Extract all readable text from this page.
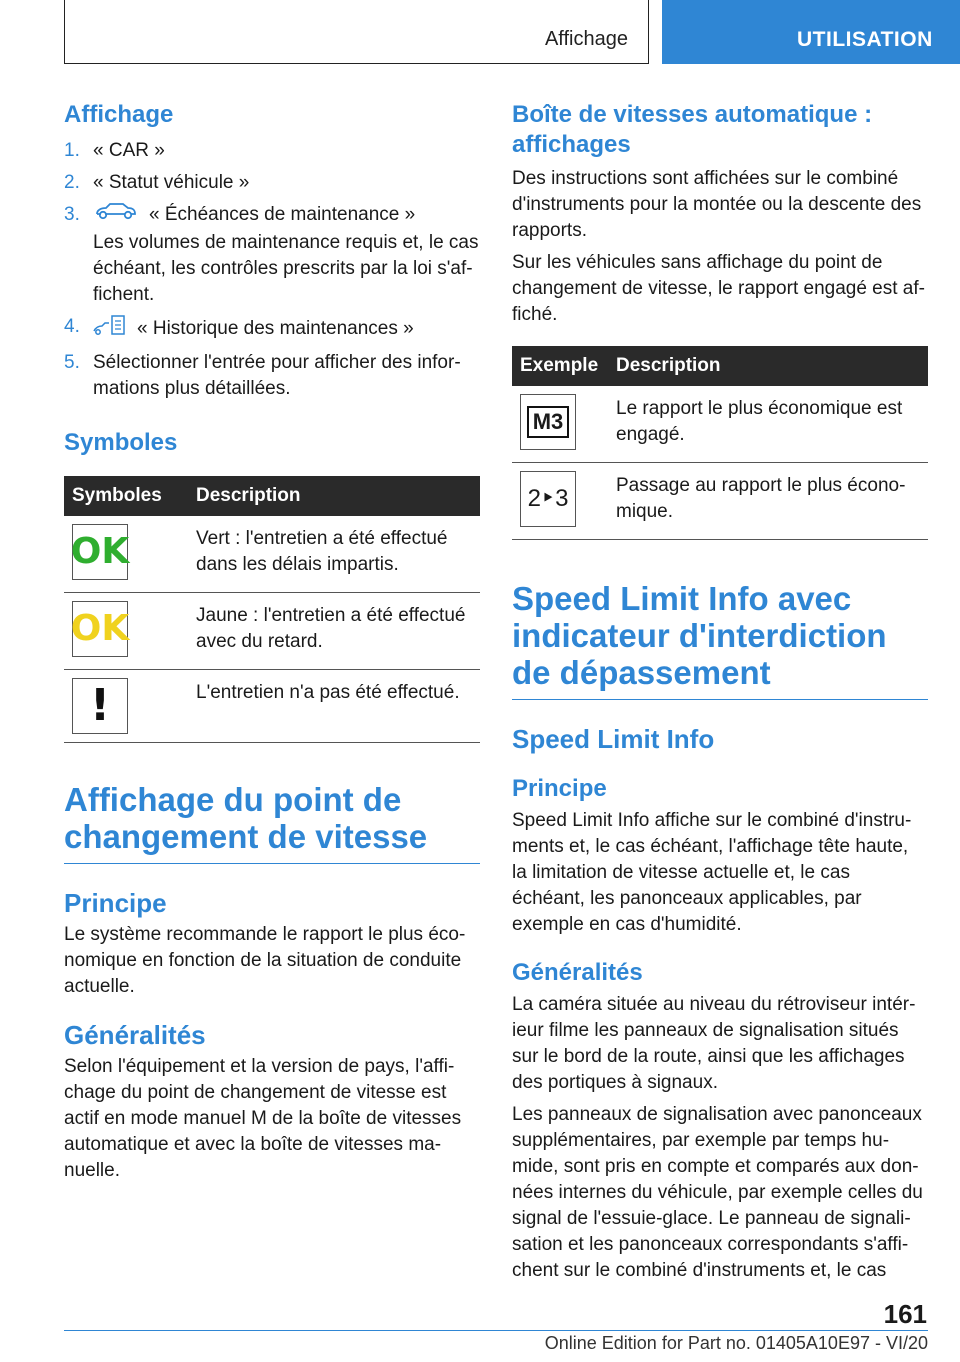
Affichage	UTILISATION
Affichage
1. « CAR »
2. « Statut véhicule »
3.	« Échéances de maintenance »
Les volumes de maintenance requis et, le cas échéant, les contrôles prescrits par la loi s'affichent.
4.	« Historique des maintenances »
5. Sélectionner l'entrée pour afficher des informations plus détaillées.
Symboles
Symboles	Description

OK	Vert : l'entretien a été effectué dans les délais impartis.

OK	Jaune : l'entretien a été effectué avec du retard.

!	L'entretien n'a pas été effectué.
Affichage du point de changement de vitesse
Principe
Le système recommande le rapport le plus économique en fonction de la situation de conduite actuelle.
Généralités
Selon l'équipement et la version de pays, l'affichage du point de changement de vitesse est actif en mode manuel M de la boîte de vitesses automatique et avec la boîte de vitesses manuelle.
Boîte de vitesses automatique : affichages
Des instructions sont affichées sur le combiné d'instruments pour la montée ou la descente des rapports.
Sur les véhicules sans affichage du point de changement de vitesse, le rapport engagé est affiché.
Exemple	Description

M3	Le rapport le plus économique est engagé.

2‣3	Passage au rapport le plus économique.
Speed Limit Info avec indicateur d'interdiction de dépassement
Speed Limit Info
Principe
Speed Limit Info affiche sur le combiné d'instruments et, le cas échéant, l'affichage tête haute, la limitation de vitesse actuelle et, le cas échéant, les panonceaux applicables, par exemple en cas d'humidité.
Généralités
La caméra située au niveau du rétroviseur intérieur filme les panneaux de signalisation situés sur le bord de la route, ainsi que les affichages des portiques à signaux.
Les panneaux de signalisation avec panonceaux supplémentaires, par exemple par temps humide, sont pris en compte et comparés aux données internes du véhicule, par exemple celles du signal de l'essuie-glace. Le panneau de signalisation et les panonceaux correspondants s'affichent sur le combiné d'instruments et, le cas
161
Online Edition for Part no. 01405A10E97 - VI/20
